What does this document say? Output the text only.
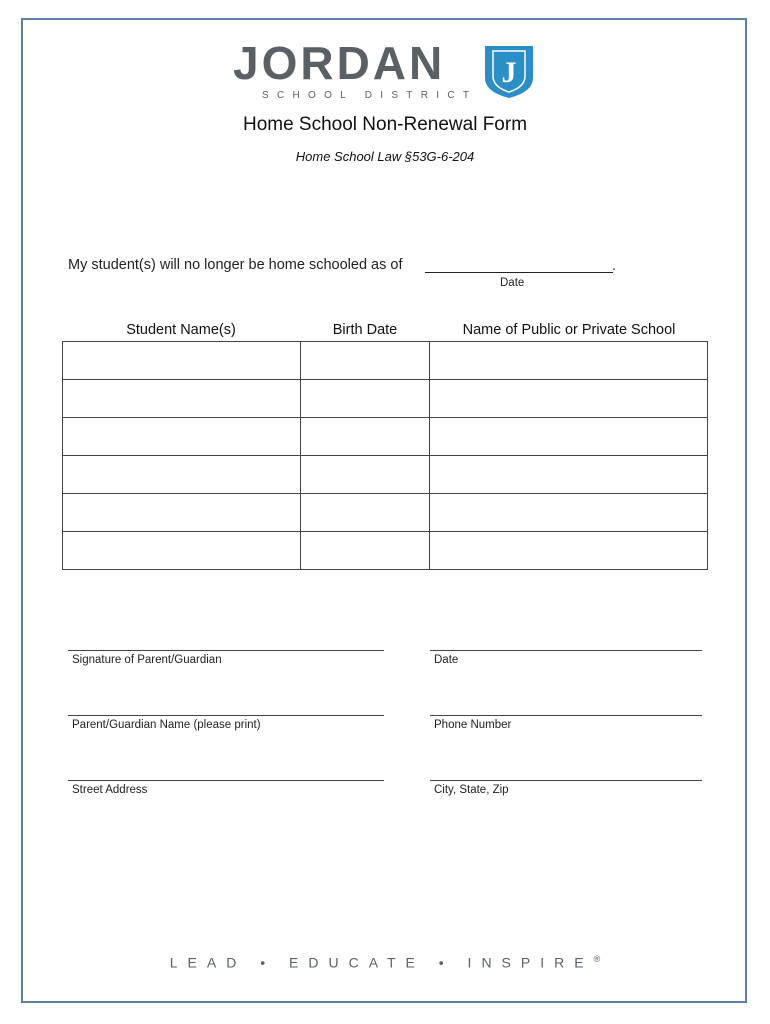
JORDAN
SCHOOL DISTRICT
J
Home School Non-Renewal Form
Home School Law §53G-6-204
My student(s) will no longer be home schooled as of	.
Date
Student Name(s)	Birth Date	Name of Public or Private School

Signature of Parent/Guardian	Date
Parent/Guardian Name (please print)	Phone Number
Street Address	City, State, Zip
LEAD • EDUCATE • INSPIRE®
